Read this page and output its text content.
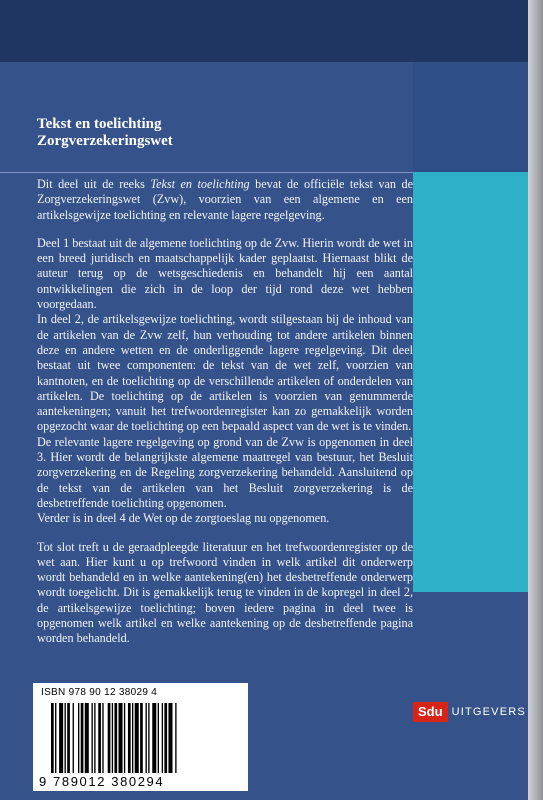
Tekst en toelichting
Zorgverzekeringswet

Dit deel uit de reeks Tekst en toelichting bevat de officiële tekst van de Zorgverzekeringswet (Zvw), voorzien van een algemene en een artikelsgewijze toelichting en relevante lagere regelgeving.

Deel 1 bestaat uit de algemene toelichting op de Zvw. Hierin wordt de wet in een breed juridisch en maatschappelijk kader geplaatst. Hiernaast blikt de auteur terug op de wetsgeschiedenis en behandelt hij een aantal ontwikkelingen die zich in de loop der tijd rond deze wet hebben voorgedaan.

In deel 2, de artikelsgewijze toelichting, wordt stilgestaan bij de inhoud van de artikelen van de Zvw zelf, hun verhouding tot andere artikelen binnen deze en andere wetten en de onderliggende lagere regelgeving. Dit deel bestaat uit twee componenten: de tekst van de wet zelf, voorzien van kantnoten, en de toelichting op de verschillende artikelen of onderdelen van artikelen. De toelichting op de artikelen is voorzien van genummerde aantekeningen; vanuit het trefwoordenregister kan zo gemakkelijk worden opgezocht waar de toelichting op een bepaald aspect van de wet is te vinden.

De relevante lagere regelgeving op grond van de Zvw is opgenomen in deel 3. Hier wordt de belangrijkste algemene maatregel van bestuur, het Besluit zorgverzekering en de Regeling zorgverzekering behandeld. Aansluitend op de tekst van de artikelen van het Besluit zorgverzekering is de desbetreffende toelichting opgenomen.

Verder is in deel 4 de Wet op de zorgtoeslag nu opgenomen.

Tot slot treft u de geraadpleegde literatuur en het trefwoordenregister op de wet aan. Hier kunt u op trefwoord vinden in welk artikel dit onderwerp wordt behandeld en in welke aantekening(en) het desbetreffende onderwerp wordt toegelicht. Dit is gemakkelijk terug te vinden in de kopregel in deel 2, de artikelsgewijze toelichting; boven iedere pagina in deel twee is opgenomen welk artikel en welke aantekening op de desbetreffende pagina worden behandeld.

ISBN 978 90 12 38029 4
9 789012 380294
Sdu UITGEVERS
